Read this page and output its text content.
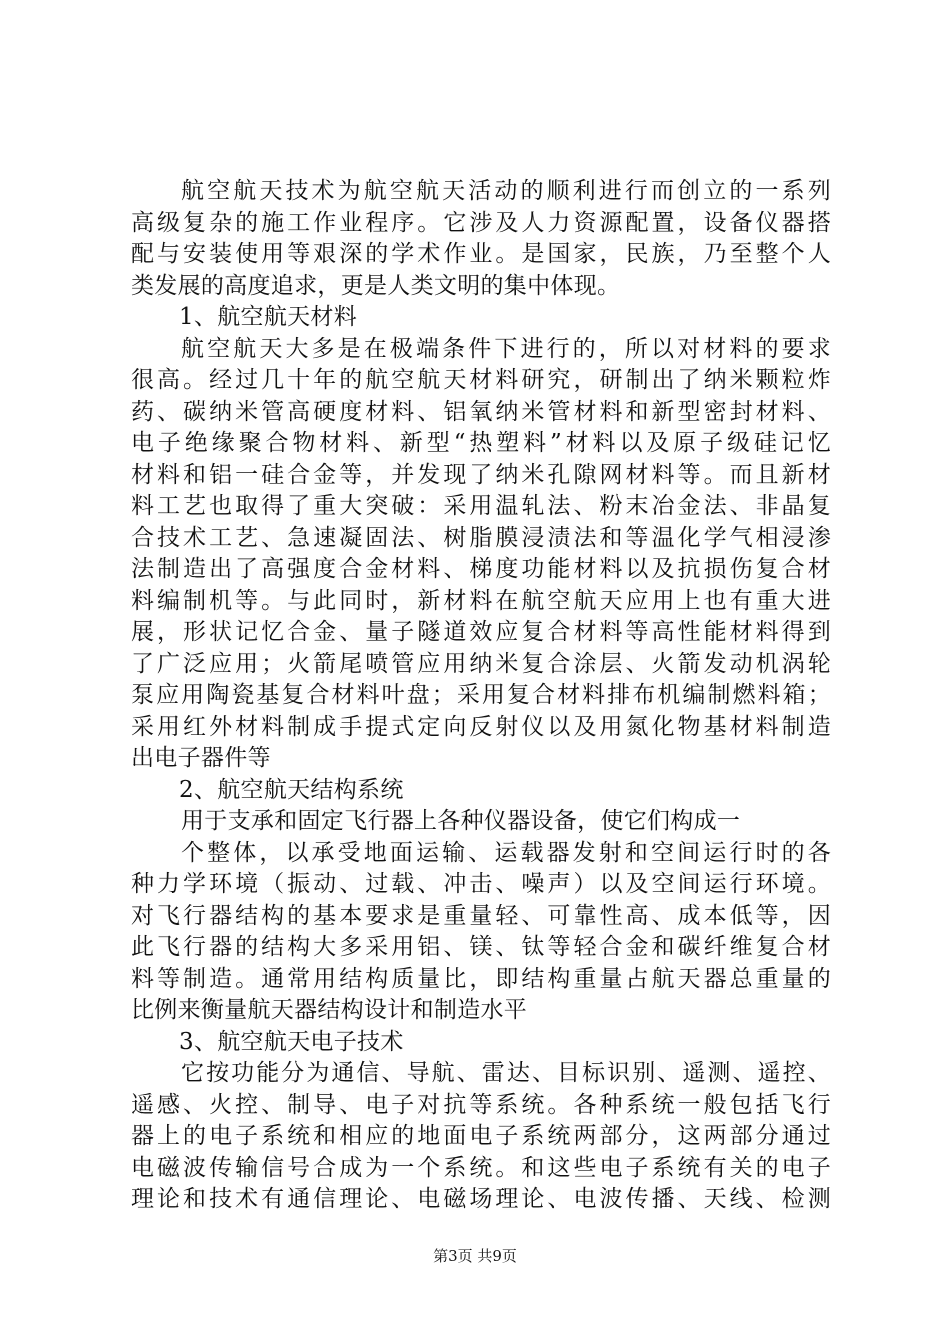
航空航天技术为航空航天活动的顺利进行而创立的一系列
高级复杂的施工作业程序。它涉及人力资源配置，设备仪器搭
配与安装使用等艰深的学术作业。是国家，民族，乃至整个人
类发展的高度追求，更是人类文明的集中体现。
1、航空航天材料
航空航天大多是在极端条件下进行的，所以对材料的要求
很高。经过几十年的航空航天材料研究，研制出了纳米颗粒炸
药、碳纳米管高硬度材料、铝氧纳米管材料和新型密封材料、
电子绝缘聚合物材料、新型“热塑料”材料以及原子级硅记忆
材料和铝一硅合金等，并发现了纳米孔隙网材料等。而且新材
料工艺也取得了重大突破：采用温轧法、粉末冶金法、非晶复
合技术工艺、急速凝固法、树脂膜浸渍法和等温化学气相浸渗
法制造出了高强度合金材料、梯度功能材料以及抗损伤复合材
料编制机等。与此同时，新材料在航空航天应用上也有重大进
展，形状记忆合金、量子隧道效应复合材料等高性能材料得到
了广泛应用；火箭尾喷管应用纳米复合涂层、火箭发动机涡轮
泵应用陶瓷基复合材料叶盘；采用复合材料排布机编制燃料箱；
采用红外材料制成手提式定向反射仪以及用氮化物基材料制造
出电子器件等
2、航空航天结构系统
用于支承和固定飞行器上各种仪器设备，使它们构成一
个整体，以承受地面运输、运载器发射和空间运行时的各
种力学环境（振动、过载、冲击、噪声）以及空间运行环境。
对飞行器结构的基本要求是重量轻、可靠性高、成本低等，因
此飞行器的结构大多采用铝、镁、钛等轻合金和碳纤维复合材
料等制造。通常用结构质量比，即结构重量占航天器总重量的
比例来衡量航天器结构设计和制造水平
3、航空航天电子技术
它按功能分为通信、导航、雷达、目标识别、遥测、遥控、
遥感、火控、制导、电子对抗等系统。各种系统一般包括飞行
器上的电子系统和相应的地面电子系统两部分，这两部分通过
电磁波传输信号合成为一个系统。和这些电子系统有关的电子
理论和技术有通信理论、电磁场理论、电波传播、天线、检测
第3页 共9页
